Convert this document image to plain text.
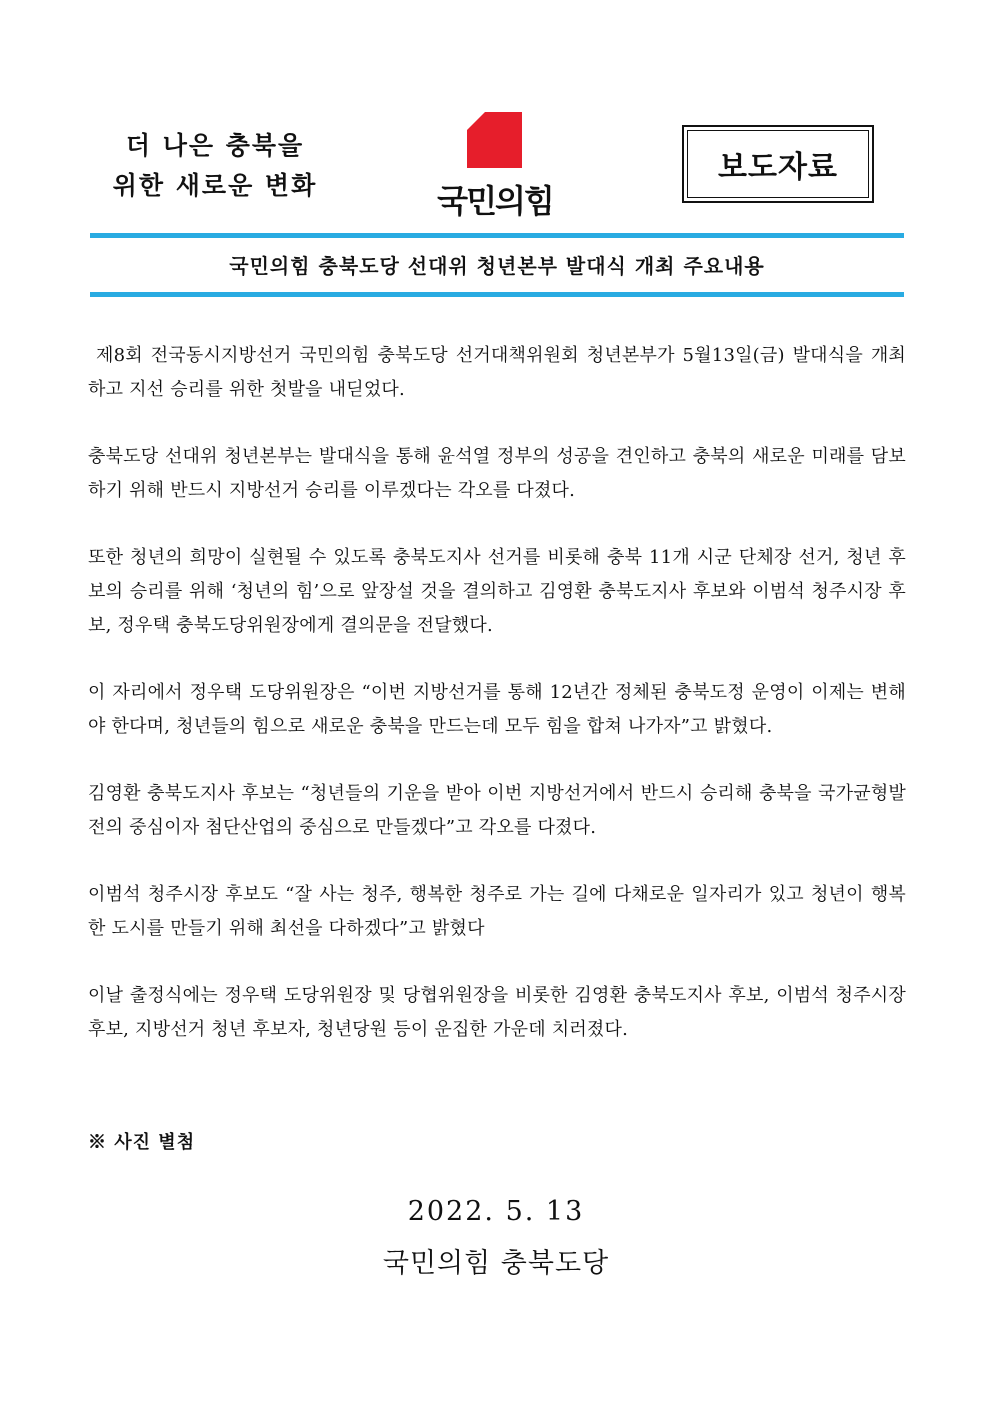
더 나은 충북을
위한 새로운 변화	국민의힘
보도자료
국민의힘 충북도당 선대위 청년본부 발대식 개최 주요내용

제8회 전국동시지방선거 국민의힘 충북도당 선거대책위원회 청년본부가 5월13일(금) 발대식을 개최하고 지선 승리를 위한 첫발을 내딛었다.

충북도당 선대위 청년본부는 발대식을 통해 윤석열 정부의 성공을 견인하고 충북의 새로운 미래를 담보하기 위해 반드시 지방선거 승리를 이루겠다는 각오를 다졌다.

또한 청년의 희망이 실현될 수 있도록 충북도지사 선거를 비롯해 충북 11개 시군 단체장 선거, 청년 후보의 승리를 위해 ‘청년의 힘’으로 앞장설 것을 결의하고 김영환 충북도지사 후보와 이범석 청주시장 후보, 정우택 충북도당위원장에게 결의문을 전달했다.

이 자리에서 정우택 도당위원장은 “이번 지방선거를 통해 12년간 정체된 충북도정 운영이 이제는 변해야 한다며, 청년들의 힘으로 새로운 충북을 만드는데 모두 힘을 합쳐 나가자”고 밝혔다.

김영환 충북도지사 후보는 “청년들의 기운을 받아 이번 지방선거에서 반드시 승리해 충북을 국가균형발전의 중심이자 첨단산업의 중심으로 만들겠다”고 각오를 다졌다.

이범석 청주시장 후보도 “잘 사는 청주, 행복한 청주로 가는 길에 다채로운 일자리가 있고 청년이 행복한 도시를 만들기 위해 최선을 다하겠다”고 밝혔다

이날 출정식에는 정우택 도당위원장 및 당협위원장을 비롯한 김영환 충북도지사 후보, 이범석 청주시장 후보, 지방선거 청년 후보자, 청년당원 등이 운집한 가운데 치러졌다.

※ 사진 별첨
2022. 5. 13
국민의힘 충북도당
